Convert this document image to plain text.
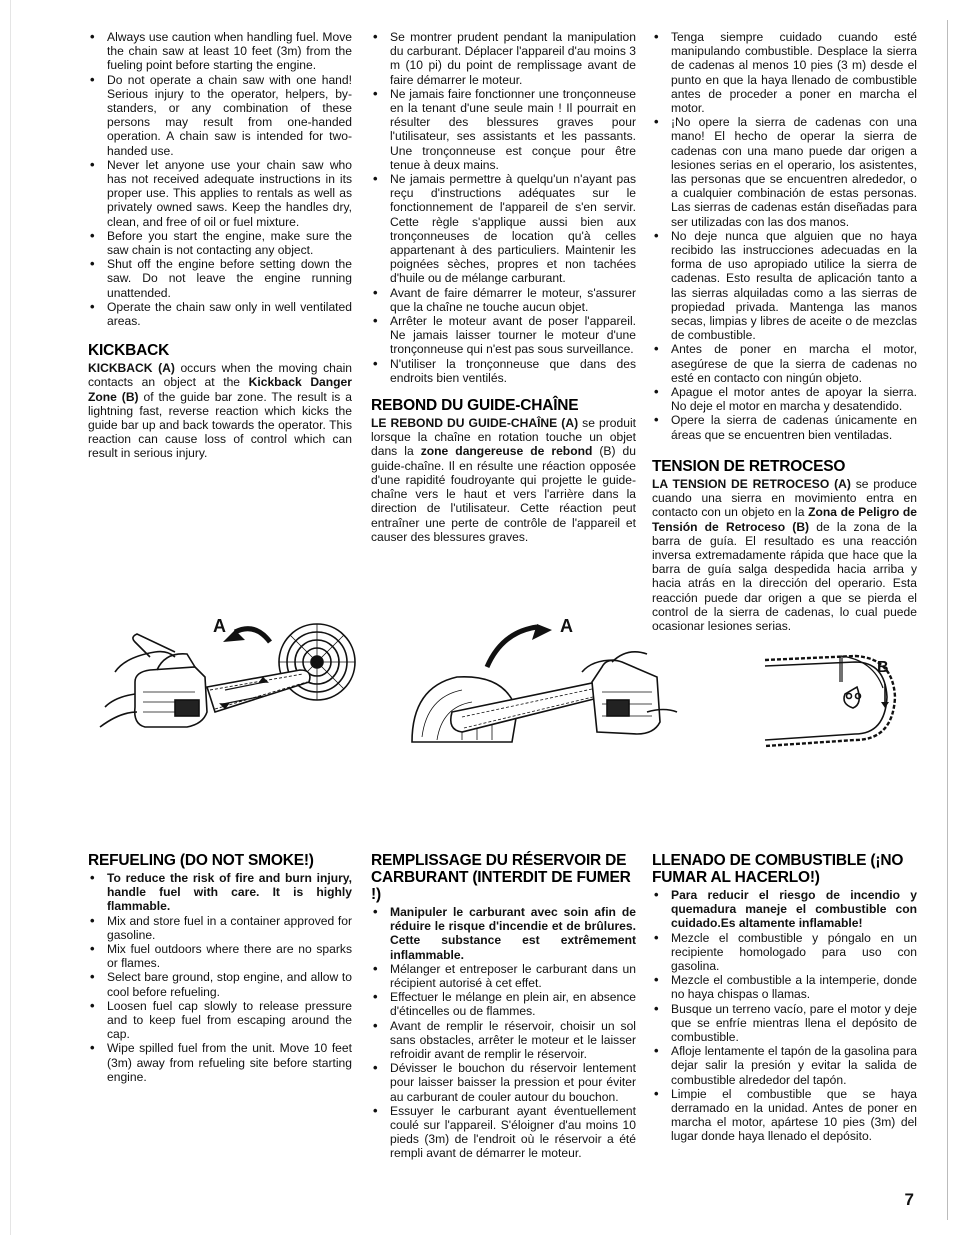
• Always use caution when handling fuel. Move the chain saw at least 10 feet (3m) from the fueling point before starting the engine.
• Do not operate a chain saw with one hand! Serious injury to the operator, helpers, by-standers, or any combination of these persons may result from one-handed operation. A chain saw is intended for two-handed use.
• Never let anyone use your chain saw who has not received adequate instructions in its proper use. This applies to rentals as well as privately owned saws. Keep the handles dry, clean, and free of oil or fuel mixture.
• Before you start the engine, make sure the saw chain is not contacting any object.
• Shut off the engine before setting down the saw. Do not leave the engine running unattended.
• Operate the chain saw only in well ventilated areas.
KICKBACK

KICKBACK (A) occurs when the moving chain contacts an object at the Kickback Danger Zone (B) of the guide bar zone. The result is a lightning fast, reverse reaction which kicks the guide bar up and back towards the operator. This reaction can cause loss of control which can result in serious injury.

• Se montrer prudent pendant la manipulation du carburant. Déplacer l'appareil d'au moins 3 m (10 pi) du point de remplissage avant de faire démarrer le moteur.
• Ne jamais faire fonctionner une tronçonneuse en la tenant d'une seule main ! Il pourrait en résulter des blessures graves pour l'utilisateur, ses assistants et les passants. Une tronçonneuse est conçue pour être tenue à deux mains.
• Ne jamais permettre à quelqu'un n'ayant pas reçu d'instructions adéquates sur le fonctionnement de l'appareil de s'en servir. Cette règle s'applique aussi bien aux tronçonneuses de location qu'à celles appartenant à des particuliers. Maintenir les poignées sèches, propres et non tachées d'huile ou de mélange carburant.
• Avant de faire démarrer le moteur, s'assurer que la chaîne ne touche aucun objet.
• Arrêter le moteur avant de poser l'appareil. Ne jamais laisser tourner le moteur d'une tronçonneuse qui n'est pas sous surveillance.
• N'utiliser la tronçonneuse que dans des endroits bien ventilés.
REBOND DU GUIDE-CHAÎNE

LE REBOND DU GUIDE-CHAÎNE (A) se produit lorsque la chaîne en rotation touche un objet dans la zone dangereuse de rebond (B) du guide-chaîne. Il en résulte une réaction opposée d'une rapidité foudroyante qui projette le guide-chaîne vers le haut et vers l'arrière dans la direction de l'utilisateur. Cette réaction peut entraîner une perte de contrôle de l'appareil et causer des blessures graves.

• Tenga siempre cuidado cuando esté manipulando combustible. Desplace la sierra de cadenas al menos 10 pies (3 m) desde el punto en que la haya llenado de combustible antes de proceder a poner en marcha el motor.
• ¡No opere la sierra de cadenas con una mano! El hecho de operar la sierra de cadenas con una mano puede dar origen a lesiones serias en el operario, los asistentes, las personas que se encuentren alrededor, o a cualquier combinación de estas personas. Las sierras de cadenas están diseñadas para ser utilizadas con las dos manos.
• No deje nunca que alguien que no haya recibido las instrucciones adecuadas en la forma de uso apropiado utilice la sierra de cadenas. Esto resulta de aplicación tanto a las sierras alquiladas como a las sierras de propiedad privada. Mantenga las manos secas, limpias y libres de aceite o de mezclas de combustible.
• Antes de poner en marcha el motor, asegúrese de que la sierra de cadenas no esté en contacto con ningún objeto.
• Apague el motor antes de apoyar la sierra. No deje el motor en marcha y desatendido.
• Opere la sierra de cadenas únicamente en áreas que se encuentren bien ventiladas.
TENSION DE RETROCESO

LA TENSION DE RETROCESO (A) se produce cuando una sierra en movimiento entra en contacto con un objeto en la Zona de Peligro de Tensión de Retroceso (B) de la zona de la barra de guía. El resultado es una reacción inversa extremadamente rápida que hace que la barra de guía salga despedida hacia arriba y hacia atrás en la dirección del operario. Esta reacción puede dar origen a que se pierda el control de la sierra de cadenas, lo cual puede ocasionar lesiones serias.

A	A
B
REFUELING (DO NOT SMOKE!)
• To reduce the risk of fire and burn injury, handle fuel with care. It is highly flammable.
• Mix and store fuel in a container approved for gasoline.
• Mix fuel outdoors where there are no sparks or flames.
• Select bare ground, stop engine, and allow to cool before refueling.
• Loosen fuel cap slowly to release pressure and to keep fuel from escaping around the cap.
• Wipe spilled fuel from the unit. Move 10 feet (3m) away from refueling site before starting engine.
REMPLISSAGE DU RÉSERVOIR DE CARBURANT (INTERDIT DE FUMER !)
• Manipuler le carburant avec soin afin de réduire le risque d'incendie et de brûlures. Cette substance est extrêmement inflammable.
• Mélanger et entreposer le carburant dans un récipient autorisé à cet effet.
• Effectuer le mélange en plein air, en absence d'étincelles ou de flammes.
• Avant de remplir le réservoir, choisir un sol sans obstacles, arrêter le moteur et le laisser refroidir avant de remplir le réservoir.
• Dévisser le bouchon du réservoir lentement pour laisser baisser la pression et pour éviter au carburant de couler autour du bouchon.
• Essuyer le carburant ayant éventuellement coulé sur l'appareil. S'éloigner d'au moins 10 pieds (3m) de l'endroit où le réservoir a été rempli avant de démarrer le moteur.
LLENADO DE COMBUSTIBLE (¡NO FUMAR AL HACERLO!)
• Para reducir el riesgo de incendio y quemadura maneje el combustible con cuidado.Es altamente inflamable!
• Mezcle el combustible y póngalo en un recipiente homologado para uso con gasolina.
• Mezcle el combustible a la intemperie, donde no haya chispas o llamas.
• Busque un terreno vacío, pare el motor y deje que se enfríe mientras llena el depósito de combustible.
• Afloje lentamente el tapón de la gasolina para dejar salir la presión y evitar la salida de combustible alrededor del tapón.
• Limpie el combustible que se haya derramado en la unidad. Antes de poner en marcha el motor, apártese 10 pies (3m) del lugar donde haya llenado el depósito.
7
